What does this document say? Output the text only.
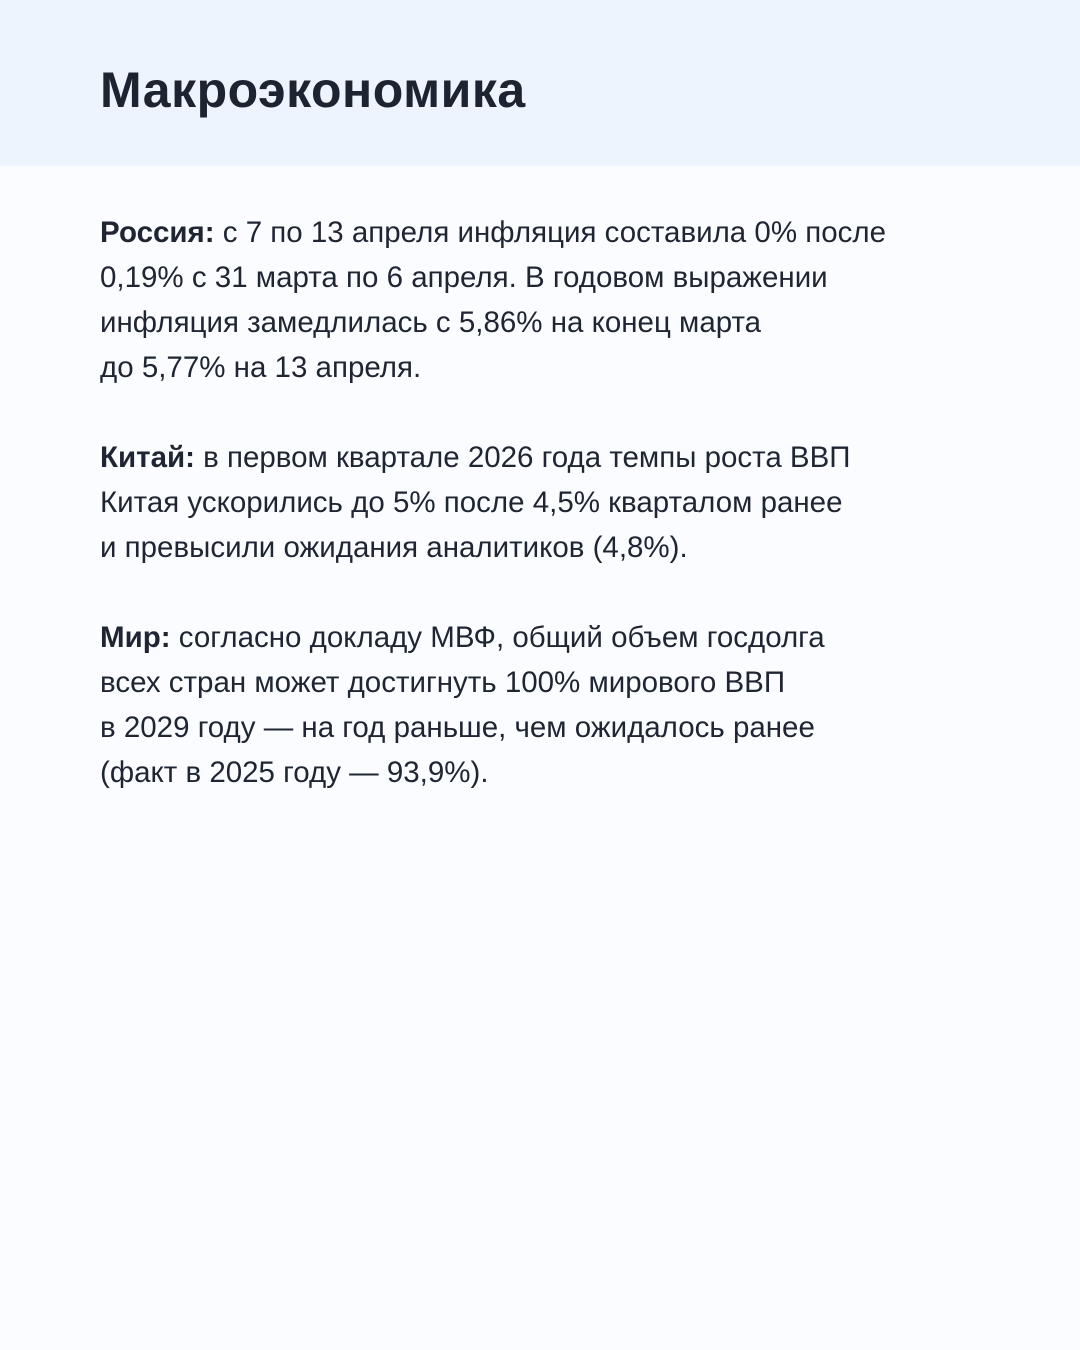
Макроэкономика
Россия: с 7 по 13 апреля инфляция составила 0% после
0,19% с 31 марта по 6 апреля. В годовом выражении
инфляция замедлилась с 5,86% на конец марта
до 5,77% на 13 апреля.
Китай: в первом квартале 2026 года темпы роста ВВП
Китая ускорились до 5% после 4,5% кварталом ранее
и превысили ожидания аналитиков (4,8%).
Мир: согласно докладу МВФ, общий объем госдолга
всех стран может достигнуть 100% мирового ВВП
в 2029 году — на год раньше, чем ожидалось ранее
(факт в 2025 году — 93,9%).
